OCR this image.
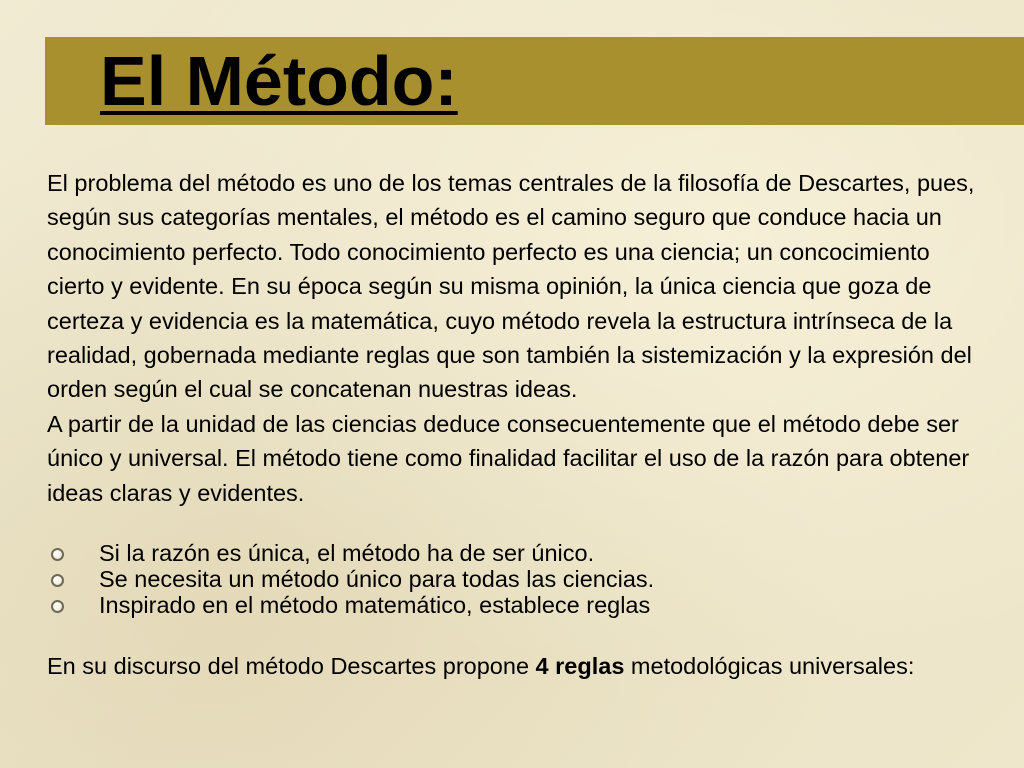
El Método:

El problema del método es uno de los temas centrales de la filosofía de Descartes, pues, según sus categorías mentales, el método es el camino seguro que conduce hacia un conocimiento perfecto. Todo conocimiento perfecto es una ciencia; un concocimiento cierto y evidente. En su época según su misma opinión, la única ciencia que goza de certeza y evidencia es la matemática, cuyo método revela la estructura intrínseca de la realidad, gobernada mediante reglas que son también la sistemización y la expresión del orden según el cual se concatenan nuestras ideas.

A partir de la unidad de las ciencias deduce consecuentemente que el método debe ser único y universal. El método tiene como finalidad facilitar el uso de la razón para obtener ideas claras y evidentes.

Si la razón es única, el método ha de ser único.
Se necesita un método único para todas las ciencias.
Inspirado en el método matemático, establece reglas

En su discurso del método Descartes propone 4 reglas metodológicas universales:
